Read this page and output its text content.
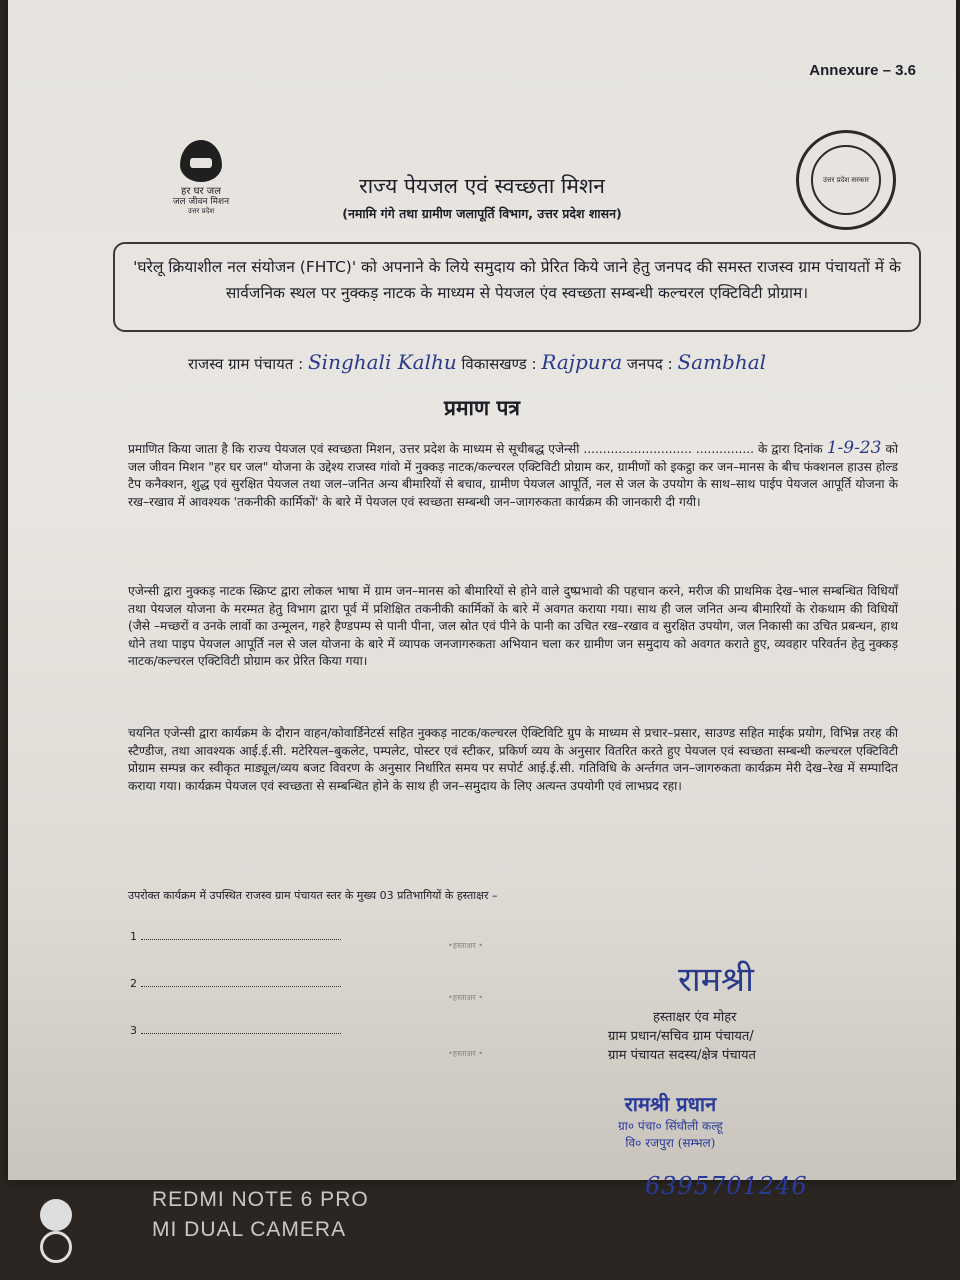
Annexure – 3.6
हर घर जल
जल जीवन मिशन
उत्तर प्रदेश
उत्तर प्रदेश सरकार
राज्य पेयजल एवं स्वच्छता मिशन
(नमामि गंगे तथा ग्रामीण जलापूर्ति विभाग, उत्तर प्रदेश शासन)
'घरेलू क्रियाशील नल संयोजन (FHTC)' को अपनाने के लिये समुदाय को प्रेरित किये जाने हेतु जनपद की समस्त राजस्व ग्राम पंचायतों में के सार्वजनिक स्थल पर नुक्कड़ नाटक के माध्यम से पेयजल एंव स्वच्छता सम्बन्धी कल्चरल एक्टिविटी प्रोग्राम।
राजस्व ग्राम पंचायत : Singhali Kalhu विकासखण्ड : Rajpura जनपद : Sambhal
प्रमाण पत्र
प्रमाणित किया जाता है कि राज्य पेयजल एवं स्वच्छता मिशन, उत्तर प्रदेश के माध्यम से सूचीबद्ध एजेन्सी ............................ ............... के द्वारा दिनांक 1-9-23 को जल जीवन मिशन "हर घर जल" योजना के उद्देश्य राजस्व गांवो में नुक्कड़ नाटक/कल्चरल एक्टिविटी प्रोग्राम कर, ग्रामीणों को इकट्ठा कर जन–मानस के बीच फंक्शनल हाउस होल्ड टैप कनैक्शन, शुद्ध एवं सुरक्षित पेयजल तथा जल–जनित अन्य बीमारियों से बचाव, ग्रामीण पेयजल आपूर्ति, नल से जल के उपयोग के साथ–साथ पाईप पेयजल आपूर्ति योजना के रख–रखाव में आवश्यक 'तकनीकी कार्मिकों' के बारे में पेयजल एवं स्वच्छता सम्बन्धी जन–जागरुकता कार्यक्रम की जानकारी दी गयी।
एजेन्सी द्वारा नुक्कड़ नाटक स्क्रिप्ट द्वारा लोकल भाषा में ग्राम जन–मानस को बीमारियों से होने वाले दुष्प्रभावो की पहचान करने, मरीज की प्राथमिक देख–भाल सम्बन्धित विधियाँ तथा पेयजल योजना के मरम्मत हेतु विभाग द्वारा पूर्व में प्रशिक्षित तकनीकी कार्मिकों के बारे में अवगत कराया गया। साथ ही जल जनित अन्य बीमारियों के रोकथाम की विधियों (जैसे –मच्छरों व उनके लार्वो का उन्मूलन, गहरे हैण्डपम्प से पानी पीना, जल स्रोत एवं पीने के पानी का उचित रख–रखाव व सुरक्षित उपयोग, जल निकासी का उचित प्रबन्धन, हाथ धोने तथा पाइप पेयजल आपूर्ति नल से जल योजना के बारे में व्यापक जनजागरुकता अभियान चला कर ग्रामीण जन समुदाय को अवगत कराते हुए, व्यवहार परिवर्तन हेतु नुक्कड़ नाटक/कल्चरल एक्टिविटी प्रोग्राम कर प्रेरित किया गया।
चयनित एजेन्सी द्वारा कार्यक्रम के दौरान वाहन/कोवार्डिनेटर्स सहित नुक्कड़ नाटक/कल्चरल ऐक्टिविटि ग्रुप के माध्यम से प्रचार–प्रसार, साउण्ड सहित माईक प्रयोग, विभिन्न तरह की स्टैण्डीज, तथा आवश्यक आई.ई.सी. मटेरियल–बुकलेट, पम्पलेट, पोस्टर एवं स्टीकर, प्रकिर्ण व्यय के अनुसार वितरित करते हुए पेयजल एवं स्वच्छता सम्बन्धी कल्चरल एक्टिविटी प्रोग्राम सम्पन्न कर स्वीकृत माड्यूल/व्यय बजट विवरण के अनुसार निर्धारित समय पर सपोर्ट आई.ई.सी. गतिविधि के अर्न्तगत जन–जागरुकता कार्यक्रम मेरी देख–रेख में सम्पादित कराया गया। कार्यक्रम पेयजल एवं स्वच्छता से सम्बन्धित होने के साथ ही जन–समुदाय के लिए अत्यन्त उपयोगी एवं लाभप्रद रहा।
उपरोक्त कार्यक्रम में उपस्थित राजस्व ग्राम पंचायत स्तर के मुख्य 03 प्रतिभागियों के हस्ताक्षर –
1
2
3
•हस्ताक्षर •
•हस्ताक्षर •
•हस्ताक्षर •
रामश्री
हस्ताक्षर एंव मोहर
ग्राम प्रधान/सचिव ग्राम पंचायत/
ग्राम पंचायत सदस्य/क्षेत्र पंचायत
रामश्री प्रधान
ग्रा० पंचा० सिंघौली कल्हू
वि० रजपुरा (सम्भल)
6395701246
REDMI NOTE 6 PRO
MI DUAL CAMERA
